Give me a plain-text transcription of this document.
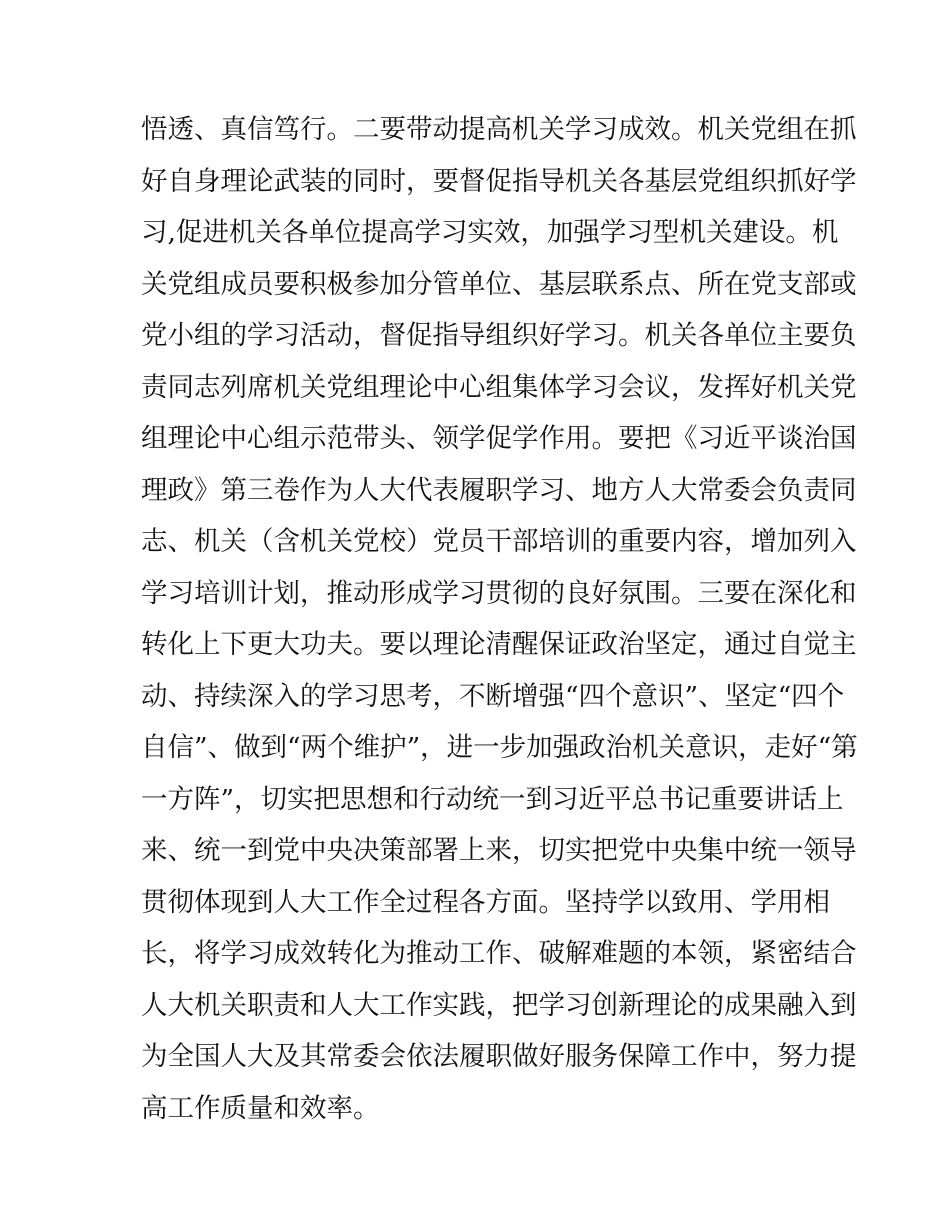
悟透、真信笃行。二要带动提高机关学习成效。机关党组在抓
好自身理论武装的同时，要督促指导机关各基层党组织抓好学
习,促进机关各单位提高学习实效，加强学习型机关建设。机
关党组成员要积极参加分管单位、基层联系点、所在党支部或
党小组的学习活动，督促指导组织好学习。机关各单位主要负
责同志列席机关党组理论中心组集体学习会议，发挥好机关党
组理论中心组示范带头、领学促学作用。要把《习近平谈治国
理政》第三卷作为人大代表履职学习、地方人大常委会负责同
志、机关（含机关党校）党员干部培训的重要内容，增加列入
学习培训计划，推动形成学习贯彻的良好氛围。三要在深化和
转化上下更大功夫。要以理论清醒保证政治坚定，通过自觉主
动、持续深入的学习思考，不断增强“四个意识”、坚定“四个
自信”、做到“两个维护”，进一步加强政治机关意识，走好“第
一方阵”，切实把思想和行动统一到习近平总书记重要讲话上
来、统一到党中央决策部署上来，切实把党中央集中统一领导
贯彻体现到人大工作全过程各方面。坚持学以致用、学用相
长，将学习成效转化为推动工作、破解难题的本领，紧密结合
人大机关职责和人大工作实践，把学习创新理论的成果融入到
为全国人大及其常委会依法履职做好服务保障工作中，努力提
高工作质量和效率。
